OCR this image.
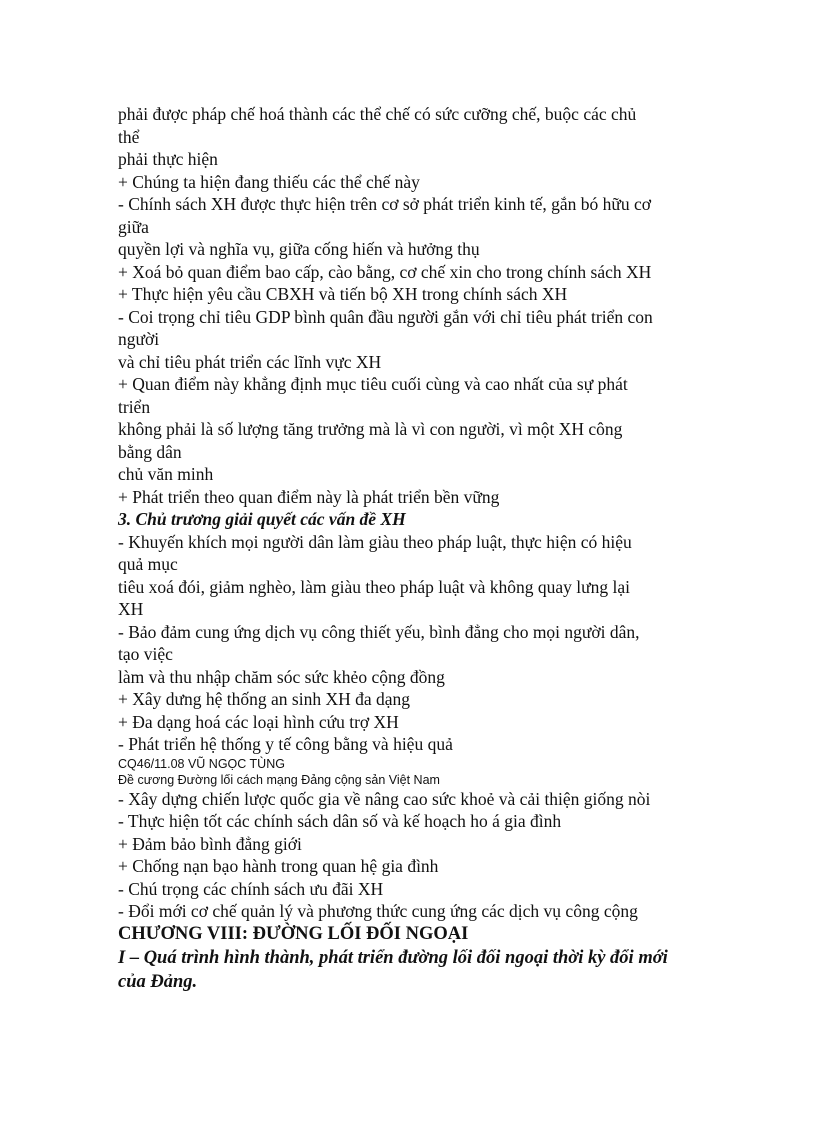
phải được pháp chế hoá thành các thể chế có sức cưỡng chế, buộc các chủ
thể
phải thực hiện
+ Chúng ta hiện đang thiếu các thể chế này
- Chính sách XH được thực hiện trên cơ sở phát triển kinh tế, gắn bó hữu cơ
giữa
quyền lợi và nghĩa vụ, giữa cống hiến và hưởng thụ
+ Xoá bỏ quan điểm bao cấp, cào bằng, cơ chế xin cho trong chính sách XH
+ Thực hiện yêu cầu CBXH và tiến bộ XH trong chính sách XH
- Coi trọng chỉ tiêu GDP bình quân đầu người gắn với chỉ tiêu phát triển con
người
và chỉ tiêu phát triển các lĩnh vực XH
+ Quan điểm này khẳng định mục tiêu cuối cùng và cao nhất của sự phát
triển
không phải là số lượng tăng trưởng mà là vì con người, vì một XH công
bằng dân
chủ văn minh
+ Phát triển theo quan điểm này là phát triển bền vững
3. Chủ trương giải quyết các vấn đề XH
- Khuyến khích mọi người dân làm giàu theo pháp luật, thực hiện có hiệu
quả mục
tiêu xoá đói, giảm nghèo, làm giàu theo pháp luật và không quay lưng lại
XH
- Bảo đảm cung ứng dịch vụ công thiết yếu, bình đẳng cho mọi người dân,
tạo việc
làm và thu nhập chăm sóc sức khẻo cộng đồng
+ Xây dưng hệ thống an sinh XH đa dạng
+ Đa dạng hoá các loại hình cứu trợ XH
- Phát triển hệ thống y tế công bằng và hiệu quả
CQ46/11.08 VŨ NGỌC TÙNG
Đề cương Đường lối cách mạng Đảng cộng sản Việt Nam
- Xây dựng chiến lược quốc gia về nâng cao sức khoẻ và cải thiện giống nòi
- Thực hiện tốt các chính sách dân số và kế hoạch ho á gia đình
+ Đảm bảo bình đẳng giới
+ Chống nạn bạo hành trong quan hệ gia đình
- Chú trọng các chính sách ưu đãi XH
- Đổi mới cơ chế quản lý và phương thức cung ứng các dịch vụ công cộng
CHƯƠNG VIII: ĐƯỜNG LỐI ĐỐI NGOẠI
I – Quá trình hình thành, phát triển đường lối đối ngoại thời kỳ đổi mới
của Đảng.
